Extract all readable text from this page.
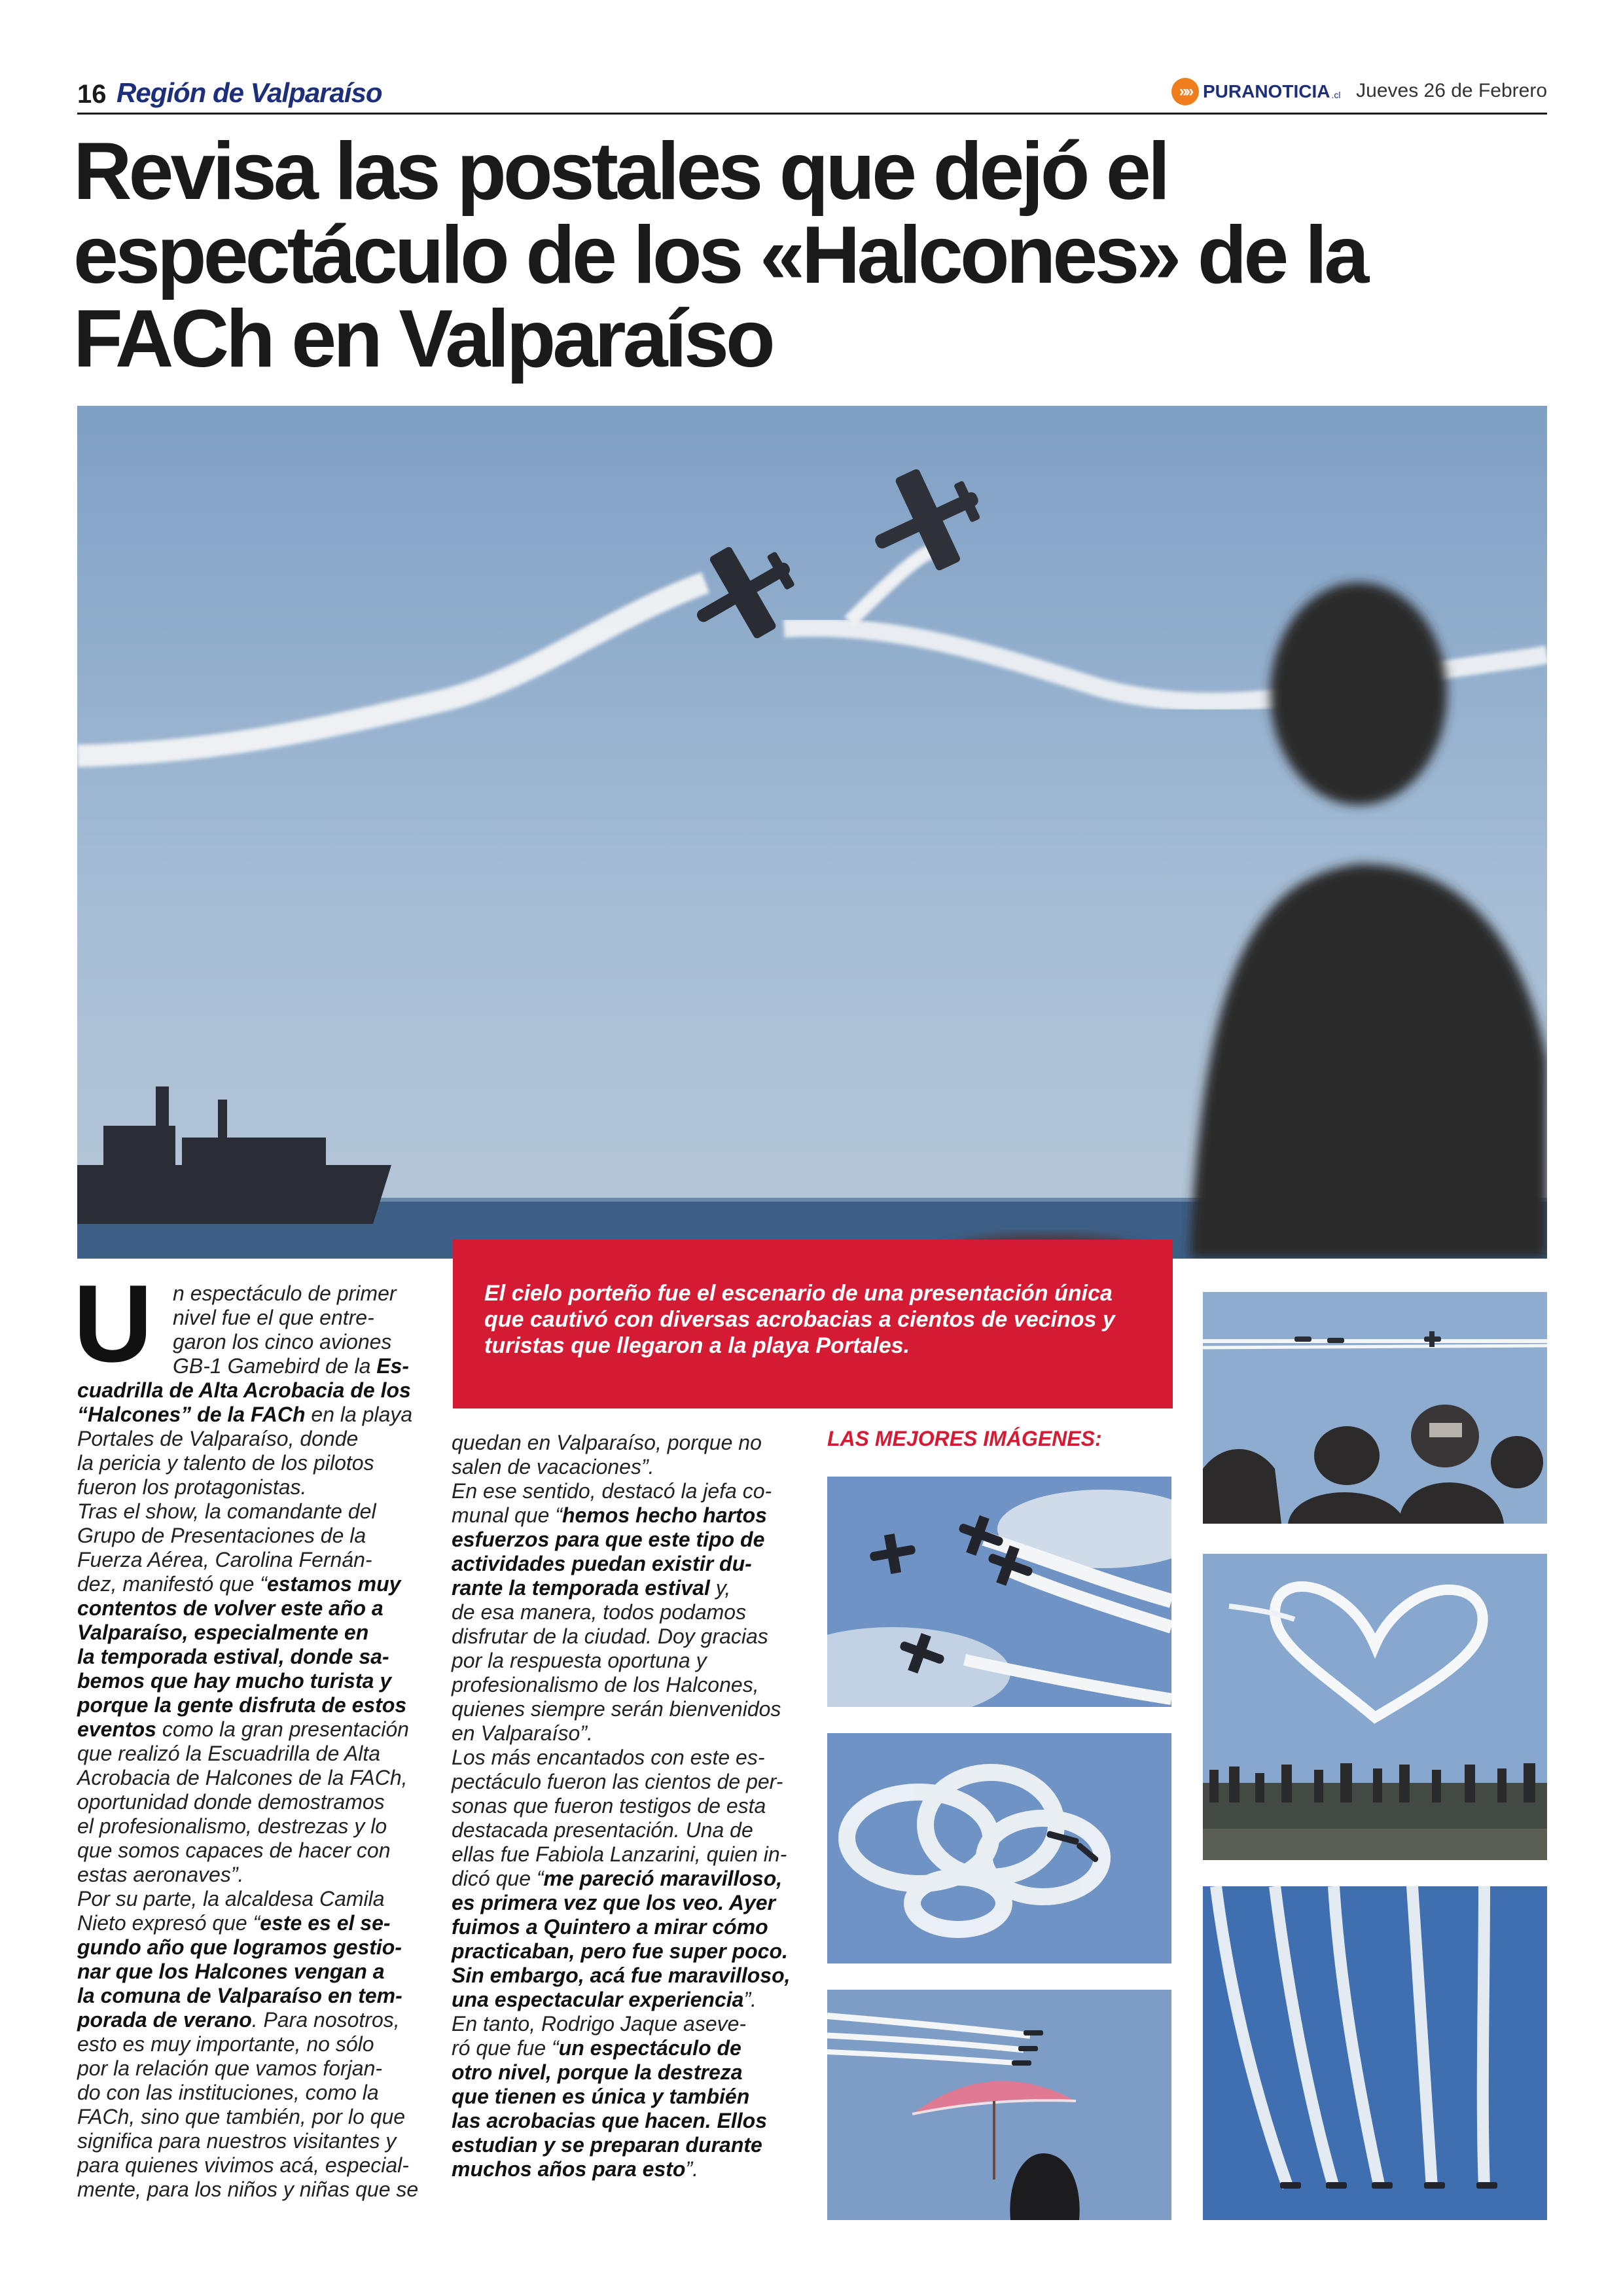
16 Región de Valparaíso	»» PURANOTICIA .cl Jueves 26 de Febrero
Revisa las postales que dejó el
espectáculo de los «Halcones» de la
FACh en Valparaíso

El cielo porteño fue el escenario de una presentación única que cautivó con diversas acrobacias a cientos de vecinos y turistas que llegaron a la playa Portales.

U n espectáculo de primer

nivel fue el que entre-

garon los cinco aviones

GB-1 Gamebird de la Es-

cuadrilla de Alta Acrobacia de los

“Halcones” de la FACh en la playa

Portales de Valparaíso, donde

la pericia y talento de los pilotos

fueron los protagonistas.

Tras el show, la comandante del

Grupo de Presentaciones de la

Fuerza Aérea, Carolina Fernán-

dez, manifestó que “estamos muy

contentos de volver este año a

Valparaíso, especialmente en

la temporada estival, donde sa-

bemos que hay mucho turista y

porque la gente disfruta de estos

eventos como la gran presentación

que realizó la Escuadrilla de Alta

Acrobacia de Halcones de la FACh,

oportunidad donde demostramos

el profesionalismo, destrezas y lo

que somos capaces de hacer con

estas aeronaves”.

Por su parte, la alcaldesa Camila

Nieto expresó que “este es el se-

gundo año que logramos gestio-

nar que los Halcones vengan a

la comuna de Valparaíso en tem-

porada de verano. Para nosotros,

esto es muy importante, no sólo

por la relación que vamos forjan-

do con las instituciones, como la

FACh, sino que también, por lo que

significa para nuestros visitantes y

para quienes vivimos acá, especial-

mente, para los niños y niñas que se

quedan en Valparaíso, porque no

salen de vacaciones”.

En ese sentido, destacó la jefa co-

munal que “hemos hecho hartos

esfuerzos para que este tipo de

actividades puedan existir du-

rante la temporada estival y,

de esa manera, todos podamos

disfrutar de la ciudad. Doy gracias

por la respuesta oportuna y

profesionalismo de los Halcones,

quienes siempre serán bienvenidos

en Valparaíso”.

Los más encantados con este es-

pectáculo fueron las cientos de per-

sonas que fueron testigos de esta

destacada presentación. Una de

ellas fue Fabiola Lanzarini, quien in-

dicó que “me pareció maravilloso,

es primera vez que los veo. Ayer

fuimos a Quintero a mirar cómo

practicaban, pero fue super poco.

Sin embargo, acá fue maravilloso,

una espectacular experiencia”.

En tanto, Rodrigo Jaque asevе-

ró que fue “un espectáculo de

otro nivel, porque la destreza

que tienen es única y también

las acrobacias que hacen. Ellos

estudian y se preparan durante

muchos años para esto”.

LAS MEJORES IMÁGENES:
